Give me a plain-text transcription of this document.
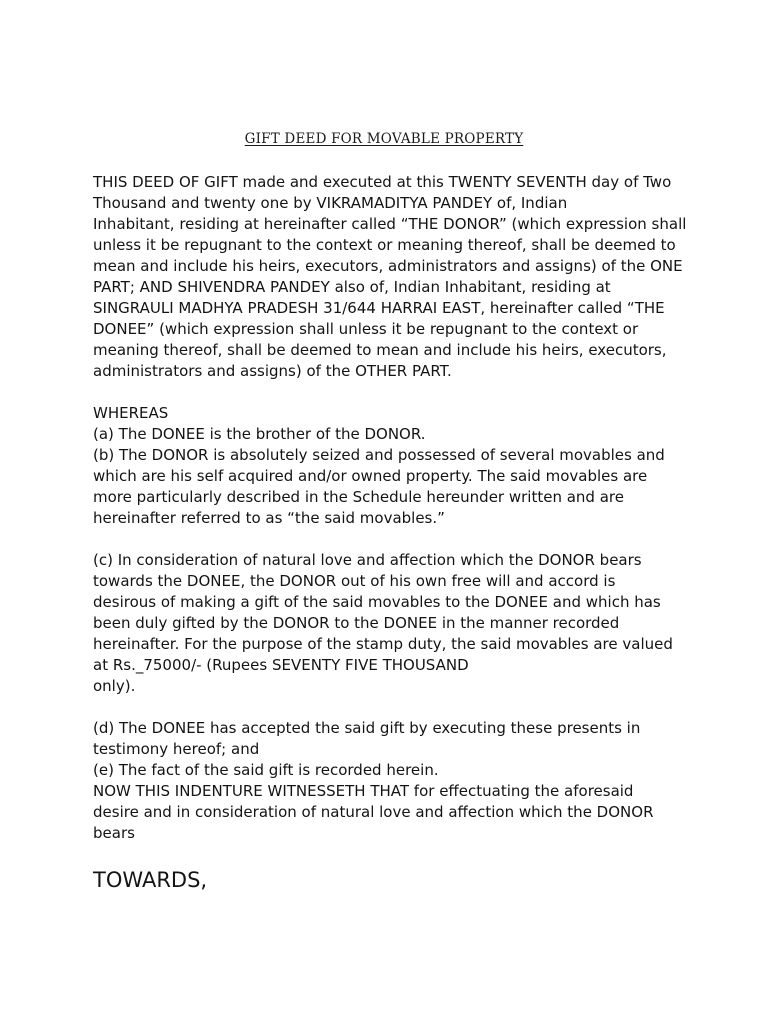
GIFT DEED FOR MOVABLE PROPERTY
THIS DEED OF GIFT made and executed at this TWENTY SEVENTH day of Two
Thousand and twenty one by VIKRAMADITYA PANDEY of, Indian
Inhabitant, residing at hereinafter called “THE DONOR” (which expression shall
unless it be repugnant to the context or meaning thereof, shall be deemed to
mean and include his heirs, executors, administrators and assigns) of the ONE
PART; AND SHIVENDRA PANDEY also of, Indian Inhabitant, residing at
SINGRAULI MADHYA PRADESH 31/644 HARRAI EAST, hereinafter called “THE
DONEE” (which expression shall unless it be repugnant to the context or
meaning thereof, shall be deemed to mean and include his heirs, executors,
administrators and assigns) of the OTHER PART.
WHEREAS
(a) The DONEE is the brother of the DONOR.
(b) The DONOR is absolutely seized and possessed of several movables and
which are his self acquired and/or owned property. The said movables are
more particularly described in the Schedule hereunder written and are
hereinafter referred to as “the said movables.”
(c) In consideration of natural love and affection which the DONOR bears
towards the DONEE, the DONOR out of his own free will and accord is
desirous of making a gift of the said movables to the DONEE and which has
been duly gifted by the DONOR to the DONEE in the manner recorded
hereinafter. For the purpose of the stamp duty, the said movables are valued
at Rs._75000/- (Rupees SEVENTY FIVE THOUSAND
only).
(d) The DONEE has accepted the said gift by executing these presents in
testimony hereof; and
(e) The fact of the said gift is recorded herein.
NOW THIS INDENTURE WITNESSETH THAT for effectuating the aforesaid
desire and in consideration of natural love and affection which the DONOR
bears
TOWARDS,
